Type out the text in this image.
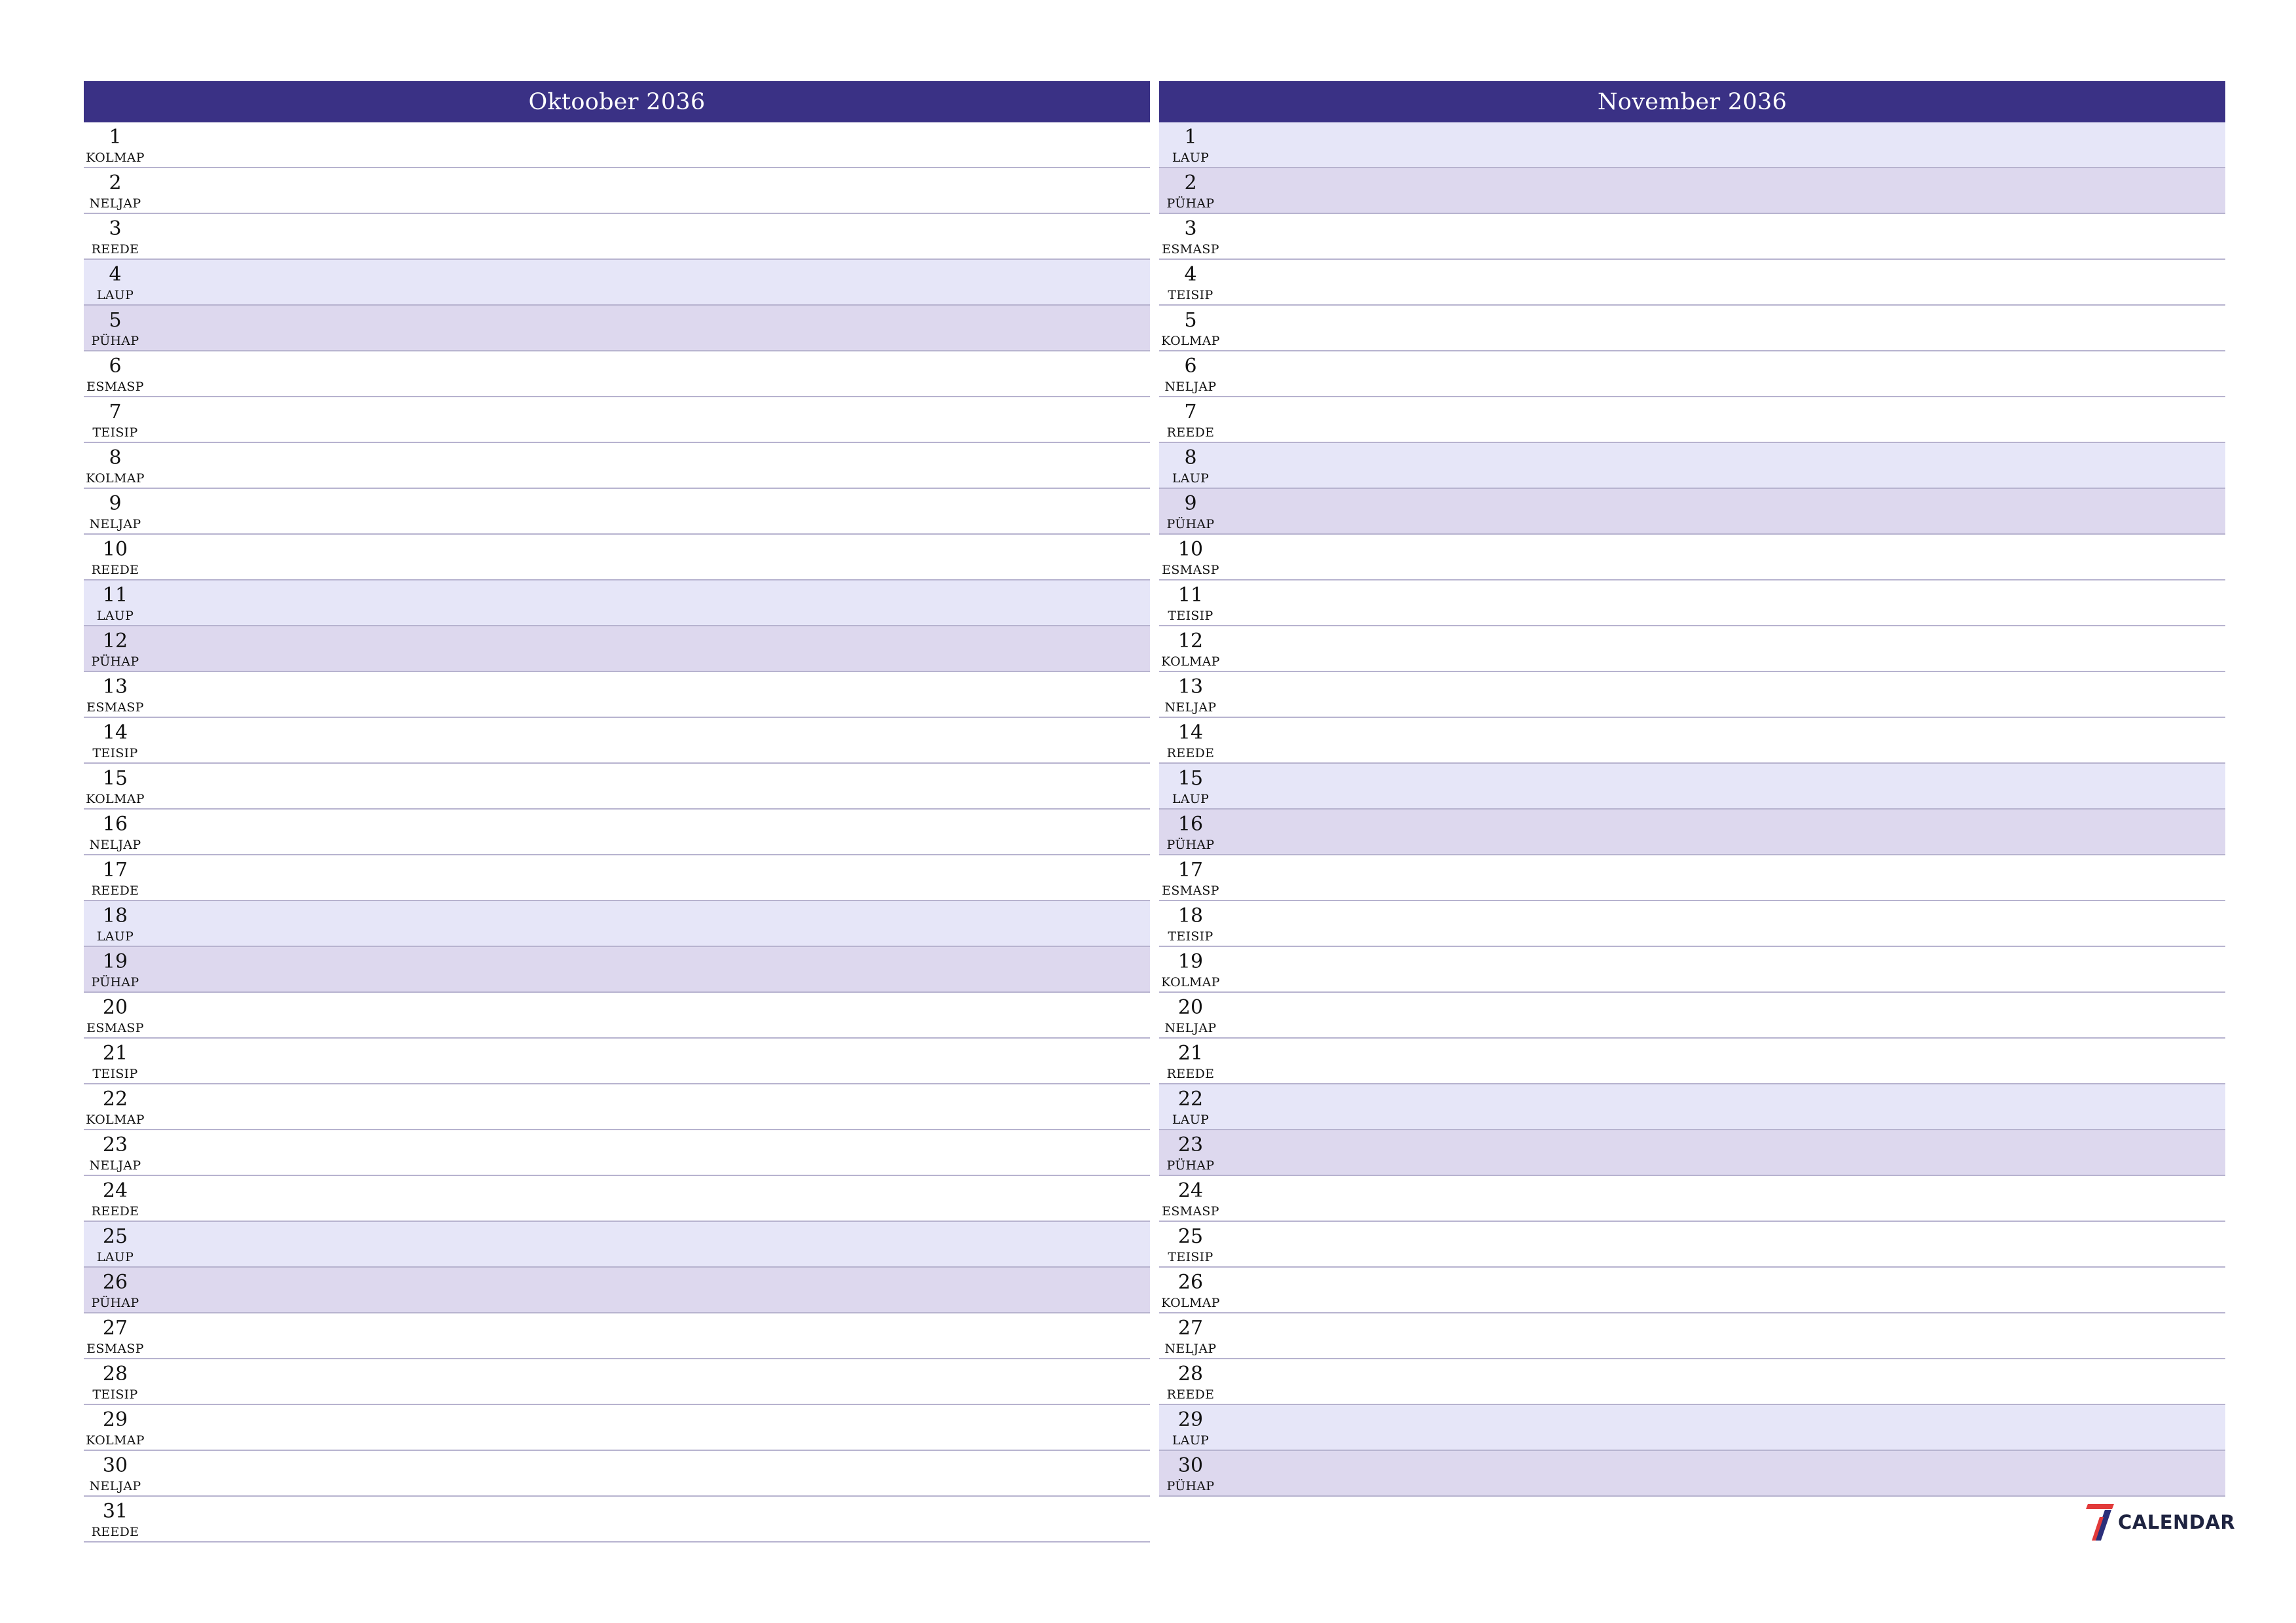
Oktoober 2036
1
KOLMAP
2
NELJAP
3
REEDE
4
LAUP
5
PÜHAP
6
ESMASP
7
TEISIP
8
KOLMAP
9
NELJAP
10
REEDE
11
LAUP
12
PÜHAP
13
ESMASP
14
TEISIP
15
KOLMAP
16
NELJAP
17
REEDE
18
LAUP
19
PÜHAP
20
ESMASP
21
TEISIP
22
KOLMAP
23
NELJAP
24
REEDE
25
LAUP
26
PÜHAP
27
ESMASP
28
TEISIP
29
KOLMAP
30
NELJAP
31
REEDE
November 2036
1
LAUP
2
PÜHAP
3
ESMASP
4
TEISIP
5
KOLMAP
6
NELJAP
7
REEDE
8
LAUP
9
PÜHAP
10
ESMASP
11
TEISIP
12
KOLMAP
13
NELJAP
14
REEDE
15
LAUP
16
PÜHAP
17
ESMASP
18
TEISIP
19
KOLMAP
20
NELJAP
21
REEDE
22
LAUP
23
PÜHAP
24
ESMASP
25
TEISIP
26
KOLMAP
27
NELJAP
28
REEDE
29
LAUP
30
PÜHAP
CALENDAR
